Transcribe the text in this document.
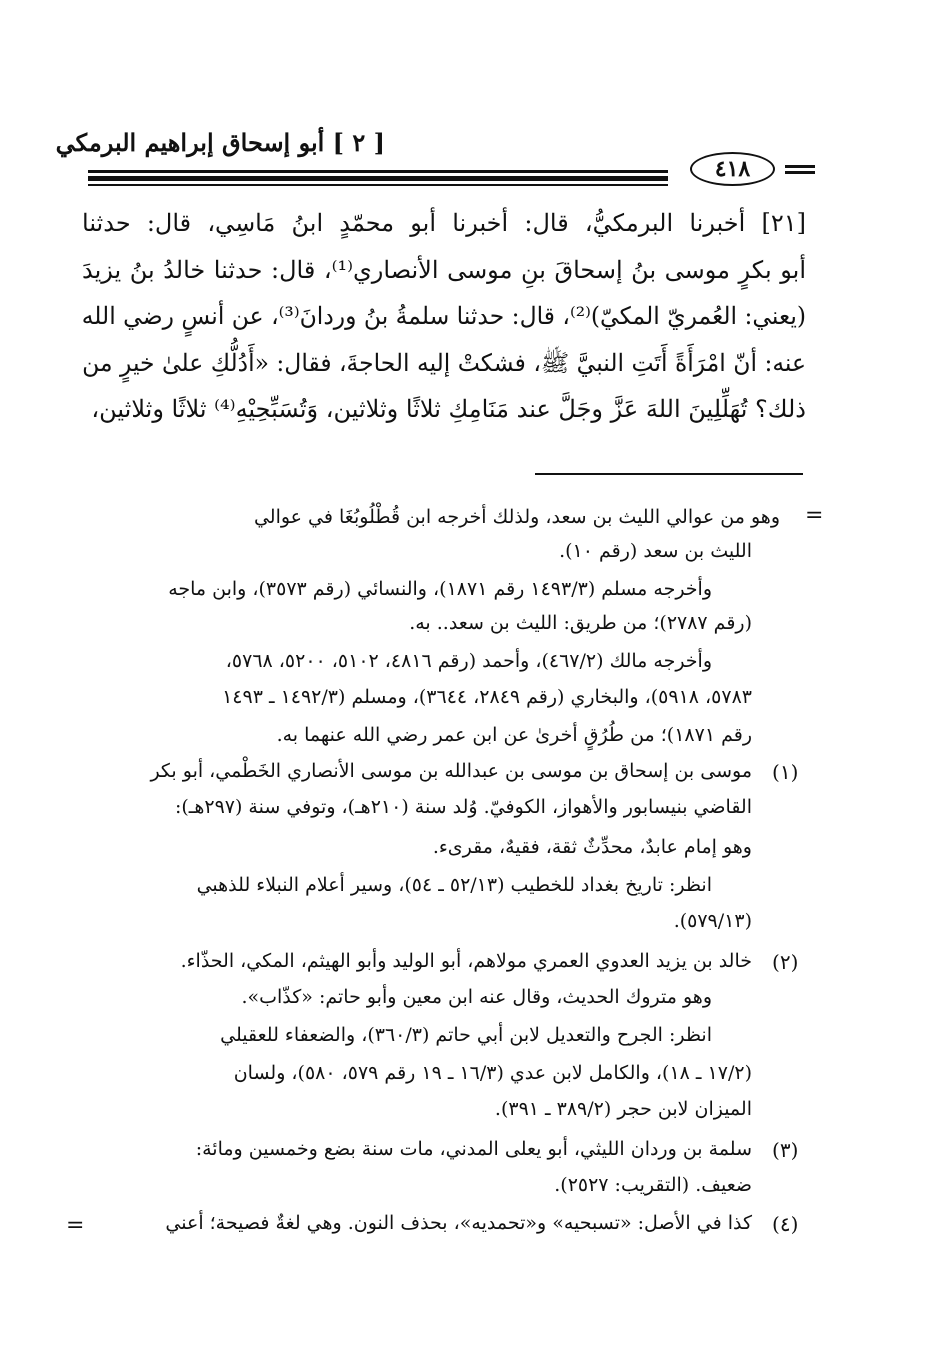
[ ٢ ] أبو إسحاق إبراهيم البرمكي
٤١٨
[٢١] أخبرنا البرمكيُّ، قال: أخبرنا أبو محمّدٍ ابنُ مَاسِي، قال: حدثنا
أبو بكرٍ موسى بنُ إسحاقَ بنِ موسى الأنصاري⁽¹⁾، قال: حدثنا خالدُ بنُ يزيدَ
(يعني: العُمريّ المكيّ)⁽²⁾، قال: حدثنا سلمةُ بنُ وردانَ⁽³⁾، عن أنسٍ رضي الله
عنه: أنّ امْرَأَةً أَتَتِ النبيَّ ﷺ، فشكتْ إليه الحاجةَ، فقال: «أَدُلُّكِ علىٰ خيرٍ من
ذلك؟ تُهَلِّلِينَ اللهَ عَزَّ وجَلَّ عند مَنَامِكِ ثلاثًا وثلاثين، وَتُسَبِّحِيْهِ⁽⁴⁾ ثلاثًا وثلاثين،
=
وهو من عوالي الليث بن سعد، ولذلك أخرجه ابن قُطْلُوبُغَا في عوالي
الليث بن سعد (رقم ١٠).
وأخرجه مسلم (١٤٩٣/٣ رقم ١٨٧١)، والنسائي (رقم ٣٥٧٣)، وابن ماجه
(رقم ٢٧٨٧)؛ من طريق: الليث بن سعد.. به.
وأخرجه مالك (٤٦٧/٢)، وأحمد (رقم ٤٨١٦، ٥١٠٢، ٥٢٠٠، ٥٧٦٨،
٥٧٨٣، ٥٩١٨)، والبخاري (رقم ٢٨٤٩، ٣٦٤٤)، ومسلم (١٤٩٢/٣ ـ ١٤٩٣
رقم ١٨٧١)؛ من طُرُقٍ أخرىٰ عن ابن عمر رضي الله عنهما به.
(١)
موسى بن إسحاق بن موسى بن عبدالله بن موسى الأنصاري الخَطْمي، أبو بكر
القاضي بنيسابور والأهواز، الكوفيّ. وُلد سنة (٢١٠هـ)، وتوفي سنة (٢٩٧هـ):
وهو إمام عابدٌ، محدِّثٌ ثقة، فقيهٌ، مقرىء.
انظر: تاريخ بغداد للخطيب (٥٢/١٣ ـ ٥٤)، وسير أعلام النبلاء للذهبي
(٥٧٩/١٣).
(٢)
خالد بن يزيد العدوي العمري مولاهم، أبو الوليد وأبو الهيثم، المكي، الحذّاء.
وهو متروك الحديث، وقال عنه ابن معين وأبو حاتم: «كذّاب».
انظر: الجرح والتعديل لابن أبي حاتم (٣٦٠/٣)، والضعفاء للعقيلي
(١٧/٢ ـ ١٨)، والكامل لابن عدي (١٦/٣ ـ ١٩ رقم ٥٧٩، ٥٨٠)، ولسان
الميزان لابن حجر (٣٨٩/٢ ـ ٣٩١).
(٣)
سلمة بن وردان الليثي، أبو يعلى المدني، مات سنة بضع وخمسين ومائة:
ضعيف. (التقريب: ٢٥٢٧).
(٤)
كذا في الأصل: «تسبحيه» و«تحمديه»، بحذف النون. وهي لغةٌ فصيحة؛ أعني
=
